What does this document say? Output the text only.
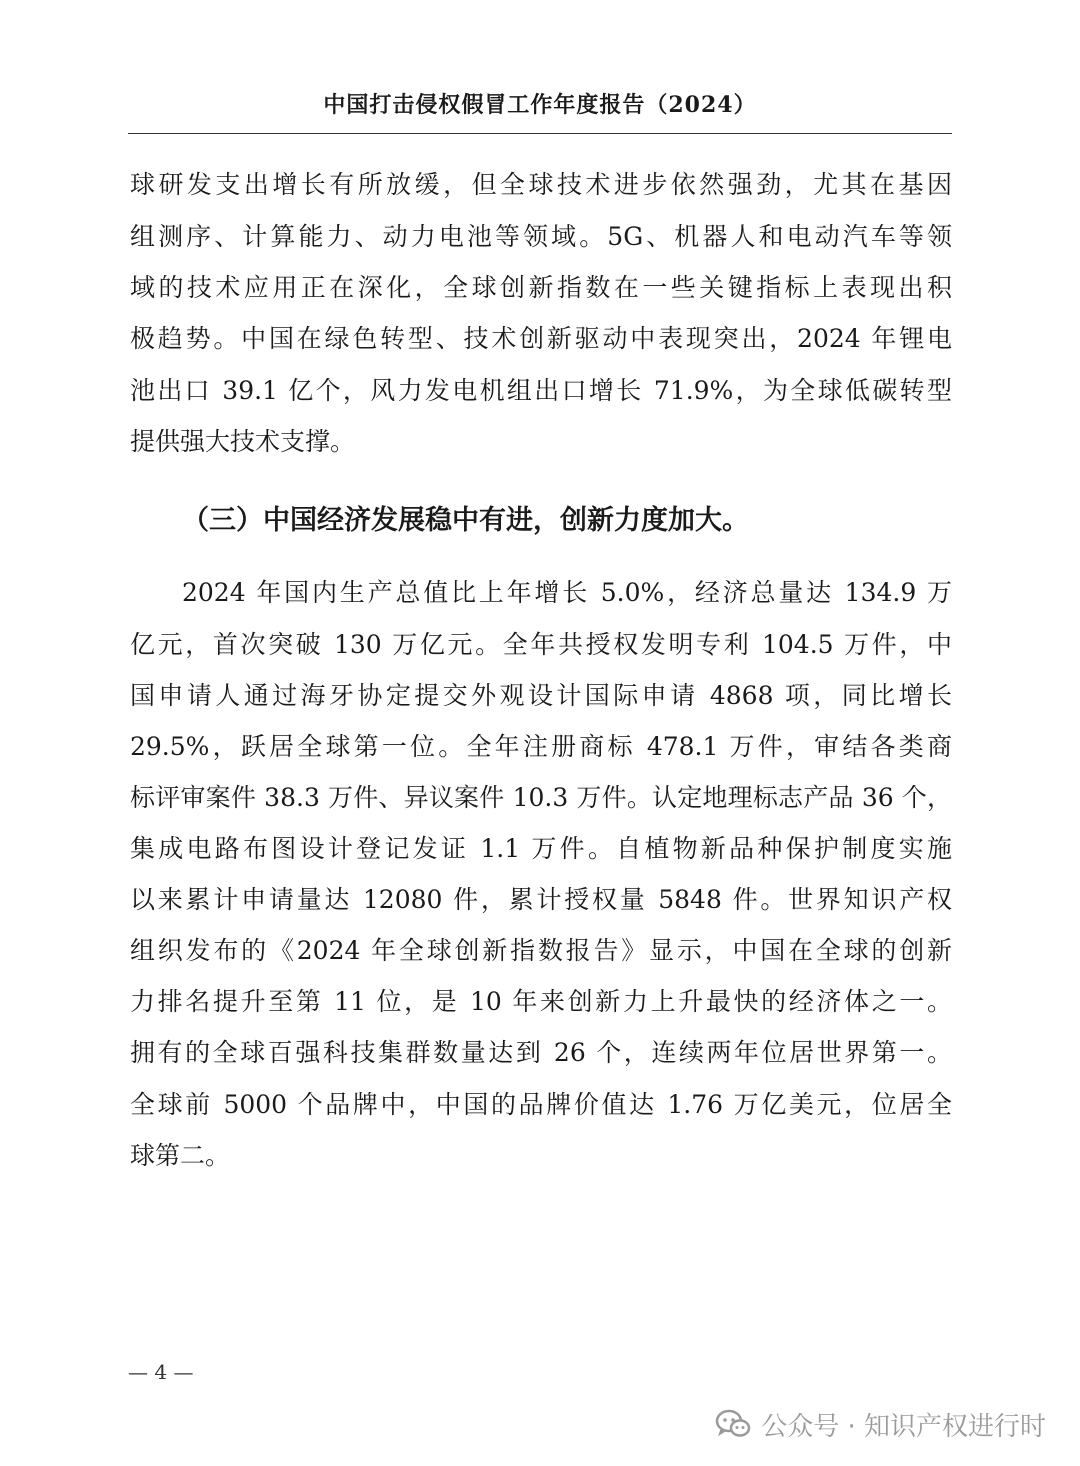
中国打击侵权假冒工作年度报告（2024）
球研发支出增长有所放缓，但全球技术进步依然强劲，尤其在基因
组测序、计算能力、动力电池等领域。5G、机器人和电动汽车等领
域的技术应用正在深化，全球创新指数在一些关键指标上表现出积
极趋势。中国在绿色转型、技术创新驱动中表现突出，2024 年锂电
池出口 39.1 亿个，风力发电机组出口增长 71.9%，为全球低碳转型
提供强大技术支撑。
（三）中国经济发展稳中有进，创新力度加大。
2024 年国内生产总值比上年增长 5.0%，经济总量达 134.9 万
亿元，首次突破 130 万亿元。全年共授权发明专利 104.5 万件，中
国申请人通过海牙协定提交外观设计国际申请 4868 项，同比增长
29.5%，跃居全球第一位。全年注册商标 478.1 万件，审结各类商
标评审案件 38.3 万件、异议案件 10.3 万件。认定地理标志产品 36 个，
集成电路布图设计登记发证 1.1 万件。自植物新品种保护制度实施
以来累计申请量达 12080 件，累计授权量 5848 件。世界知识产权
组织发布的《2024 年全球创新指数报告》显示，中国在全球的创新
力排名提升至第 11 位，是 10 年来创新力上升最快的经济体之一。
拥有的全球百强科技集群数量达到 26 个，连续两年位居世界第一。
全球前 5000 个品牌中，中国的品牌价值达 1.76 万亿美元，位居全
球第二。
— 4 —
公众号 · 知识产权进行时
